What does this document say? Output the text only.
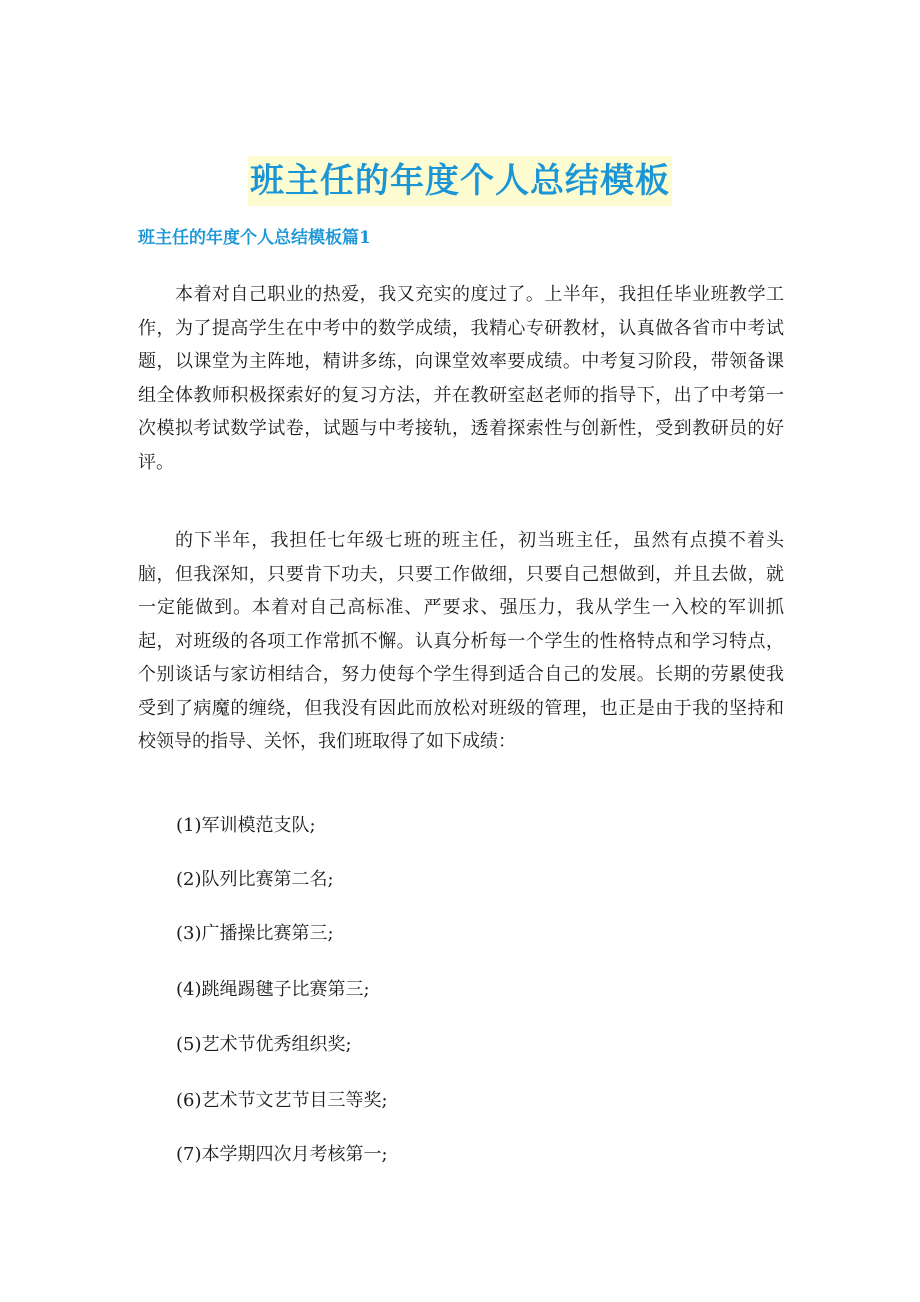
班主任的年度个人总结模板
班主任的年度个人总结模板篇1

本着对自己职业的热爱，我又充实的度过了。上半年，我担任毕业班教学工作，为了提高学生在中考中的数学成绩，我精心专研教材，认真做各省市中考试题，以课堂为主阵地，精讲多练，向课堂效率要成绩。中考复习阶段，带领备课组全体教师积极探索好的复习方法，并在教研室赵老师的指导下，出了中考第一次模拟考试数学试卷，试题与中考接轨，透着探索性与创新性，受到教研员的好评。

的下半年，我担任七年级七班的班主任，初当班主任，虽然有点摸不着头脑，但我深知，只要肯下功夫，只要工作做细，只要自己想做到，并且去做，就一定能做到。本着对自己高标准、严要求、强压力，我从学生一入校的军训抓起，对班级的各项工作常抓不懈。认真分析每一个学生的性格特点和学习特点，个别谈话与家访相结合，努力使每个学生得到适合自己的发展。长期的劳累使我受到了病魔的缠绕，但我没有因此而放松对班级的管理，也正是由于我的坚持和校领导的指导、关怀，我们班取得了如下成绩：

(1)军训模范支队;

(2)队列比赛第二名;

(3)广播操比赛第三;

(4)跳绳踢毽子比赛第三;

(5)艺术节优秀组织奖;

(6)艺术节文艺节目三等奖;

(7)本学期四次月考核第一;
